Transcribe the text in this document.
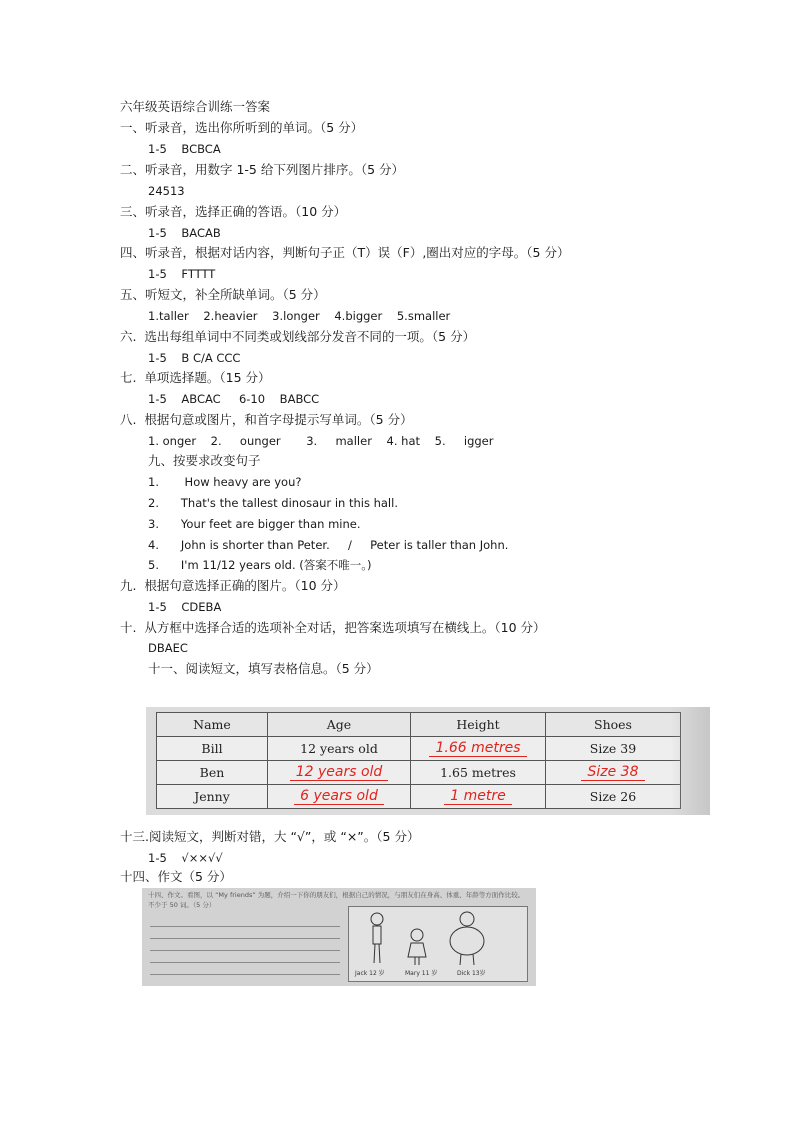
六年级英语综合训练一答案
一、听录音，选出你所听到的单词。（5 分）
1-5    BCBCA
二、听录音，用数字 1-5 给下列图片排序。（5 分）
24513
三、听录音，选择正确的答语。（10 分）
1-5    BACAB
四、听录音，根据对话内容，判断句子正（T）误（F）,圈出对应的字母。（5 分）
1-5    FTTTT
五、听短文，补全所缺单词。（5 分）
1.taller    2.heavier    3.longer    4.bigger    5.smaller
六.  选出每组单词中不同类或划线部分发音不同的一项。（5 分）
1-5    B C/A CCC
七.  单项选择题。（15 分）
1-5    ABCAC     6-10    BABCC
八.  根据句意或图片，和首字母提示写单词。（5 分）
1. onger    2.     ounger       3.     maller    4. hat    5.     igger
九、按要求改变句子
1.       How heavy are you?
2.      That's the tallest dinosaur in this hall.
3.      Your feet are bigger than mine.
4.      John is shorter than Peter.     /     Peter is taller than John.
5.      I'm 11/12 years old. (答案不唯一。)
九.  根据句意选择正确的图片。（10 分）
1-5    CDEBA
十.  从方框中选择合适的选项补全对话，把答案选项填写在横线上。（10 分）
DBAEC
十一、阅读短文，填写表格信息。（5 分）
Name	Age	Height	Shoes
Bill	12 years old	1.66 metres	Size 39
Ben	12 years old	1.65 metres	Size 38
Jenny	6 years old	1 metre	Size 26
十三.阅读短文，判断对错，大 “√”，或 “×”。（5 分）
1-5    √××√√
十四、作文（5 分）
十四、作文。看图，以 “My friends” 为题，介绍一下你的朋友们，根据自己的情况，与朋友们在身高、体重、年龄等方面作比较。不少于 50 词。（5 分）
Jack 12 岁	Mary 11 岁	Dick 13岁
